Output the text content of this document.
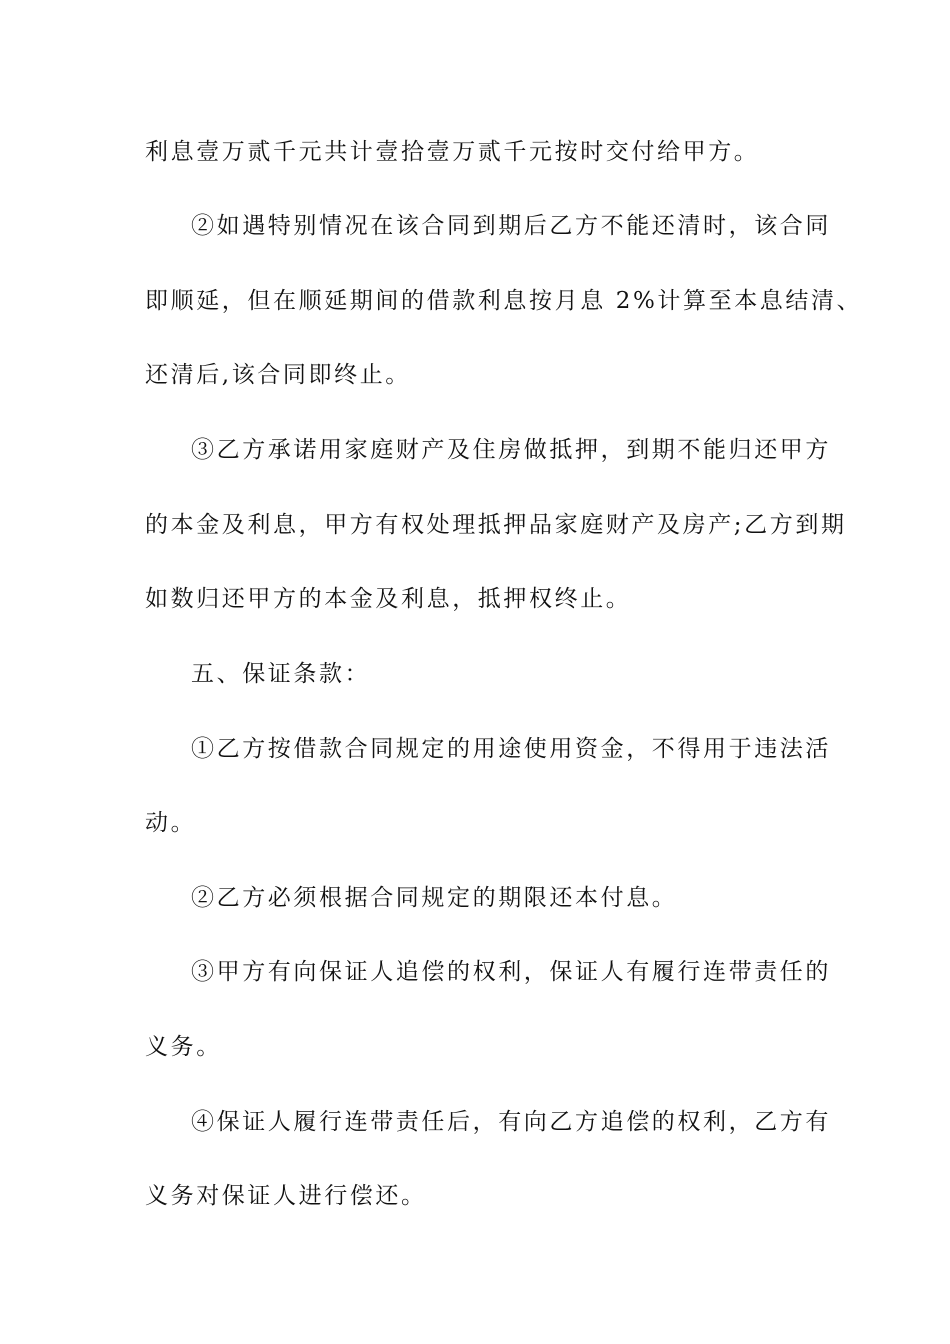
利息壹万贰千元共计壹拾壹万贰千元按时交付给甲方。
②如遇特别情况在该合同到期后乙方不能还清时，该合同
即顺延，但在顺延期间的借款利息按月息 2%计算至本息结清、
还清后,该合同即终止。
③乙方承诺用家庭财产及住房做抵押，到期不能归还甲方
的本金及利息，甲方有权处理抵押品家庭财产及房产;乙方到期
如数归还甲方的本金及利息，抵押权终止。
五、保证条款：
①乙方按借款合同规定的用途使用资金，不得用于违法活
动。
②乙方必须根据合同规定的期限还本付息。
③甲方有向保证人追偿的权利，保证人有履行连带责任的
义务。
④保证人履行连带责任后，有向乙方追偿的权利，乙方有
义务对保证人进行偿还。
